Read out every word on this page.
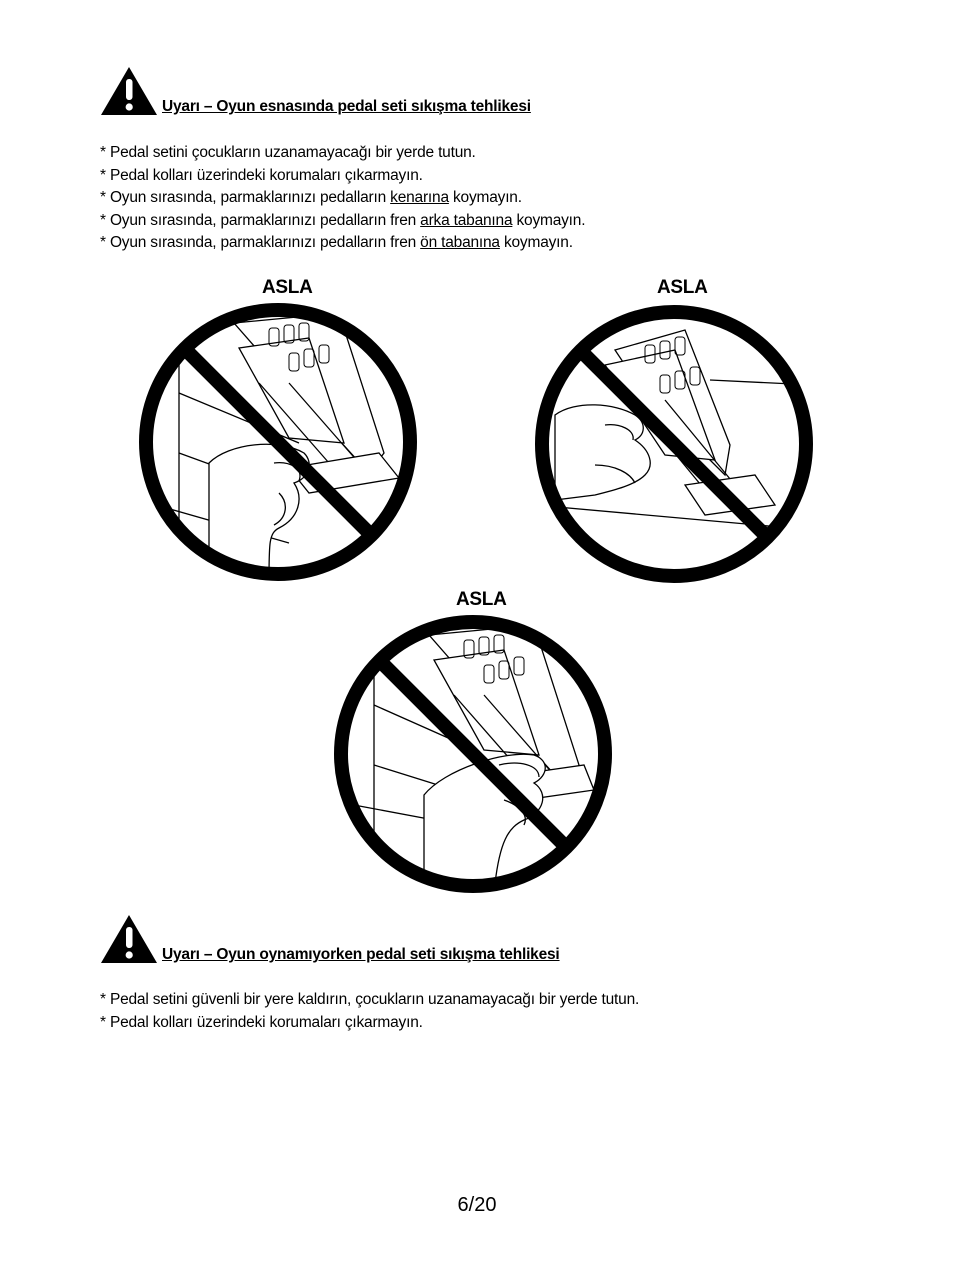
Uyarı – Oyun esnasında pedal seti sıkışma tehlikesi
* Pedal setini çocukların uzanamayacağı bir yerde tutun.
* Pedal kolları üzerindeki korumaları çıkarmayın.
* Oyun sırasında, parmaklarınızı pedalların kenarına koymayın.
* Oyun sırasında, parmaklarınızı pedalların fren arka tabanına koymayın.
* Oyun sırasında, parmaklarınızı pedalların fren ön tabanına koymayın.
ASLA	ASLA
ASLA
Uyarı – Oyun oynamıyorken pedal seti sıkışma tehlikesi
* Pedal setini güvenli bir yere kaldırın, çocukların uzanamayacağı bir yerde tutun.
* Pedal kolları üzerindeki korumaları çıkarmayın.
6/20
